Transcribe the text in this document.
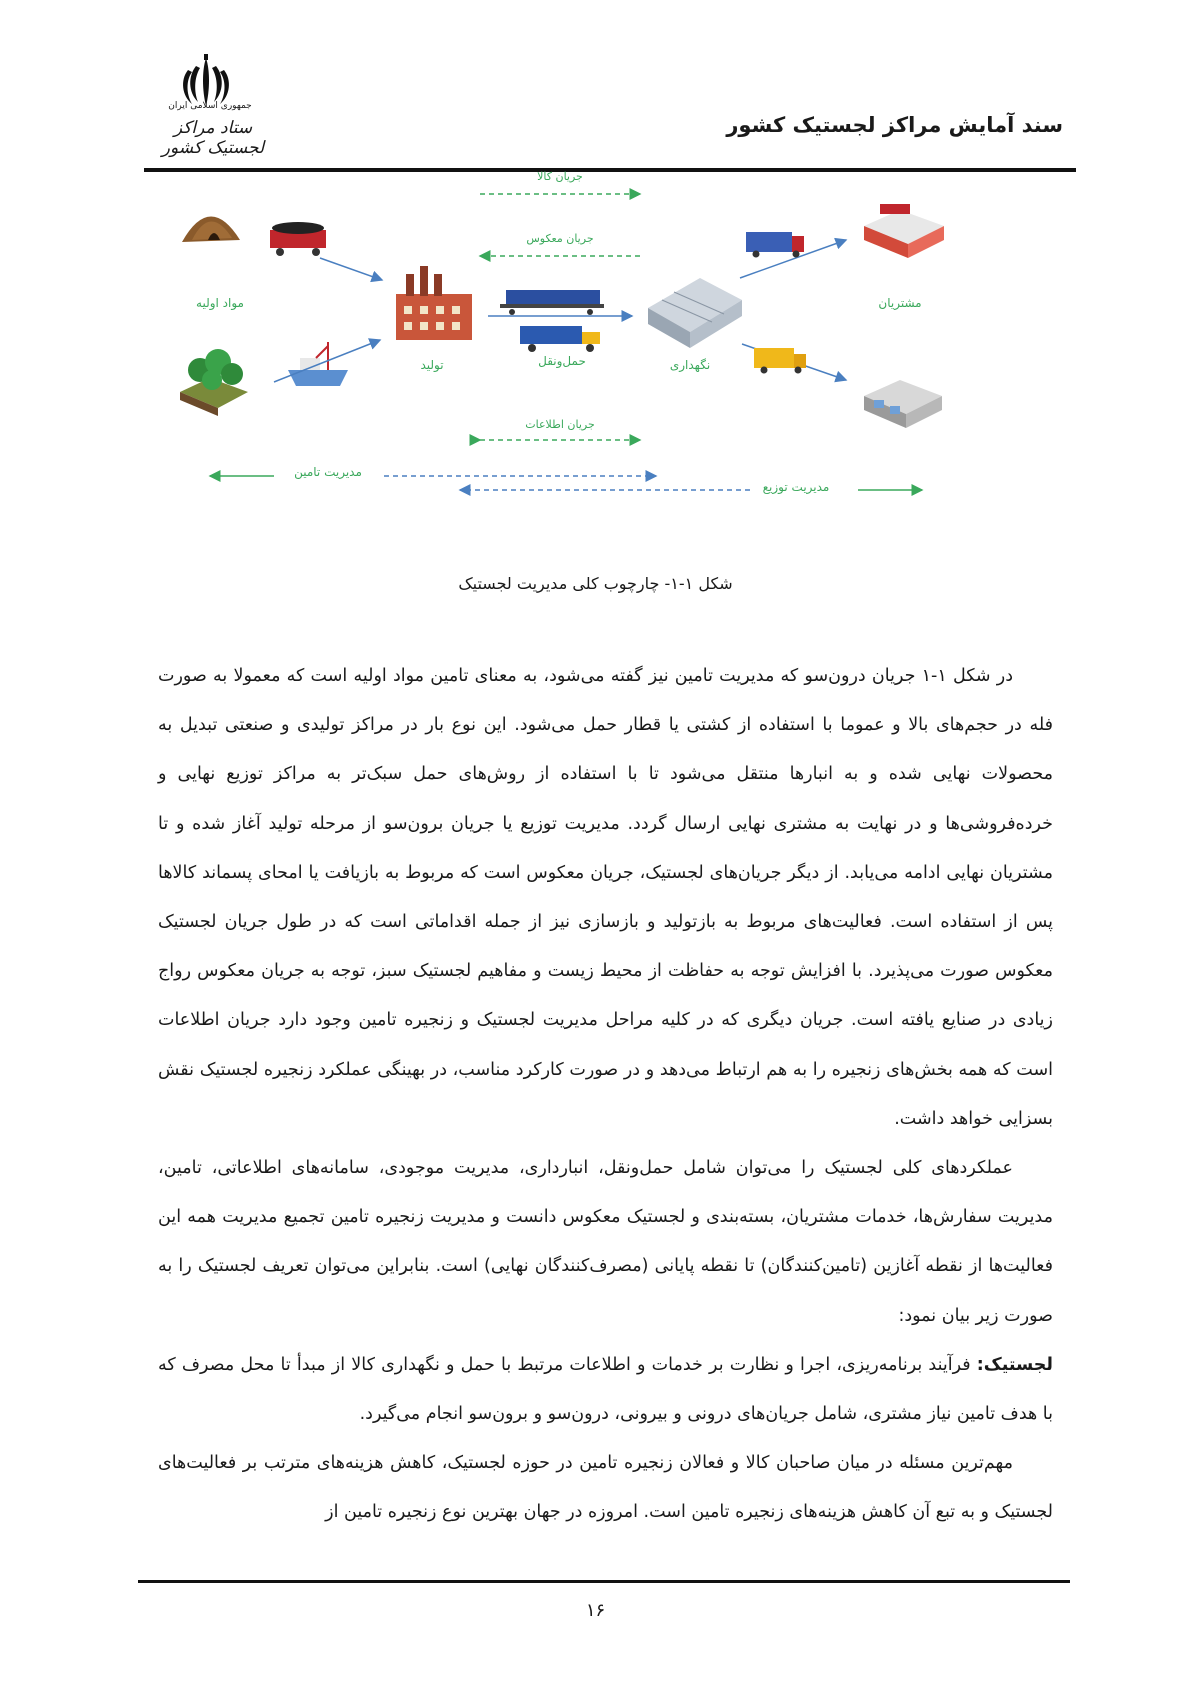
جمهوری اسلامی ایران
ستاد مراکز لجستیک کشور
سند آمایش مراکز لجستیک کشور
جریان کالا
جریان معکوس
مواد اولیه
تولید	حمل‌ونقل	نگهداری
مشتریان
جریان اطلاعات
مدیریت تامین
مدیریت توزیع
شکل ۱-۱- چارچوب کلی مدیریت لجستیک

در شکل ۱-۱ جریان درون‌سو که مدیریت تامین نیز گفته می‌شود، به معنای تامین مواد اولیه است که معمولا به صورت فله در حجم‌های بالا و عموما با استفاده از کشتی یا قطار حمل می‌شود. این نوع بار در مراکز تولیدی و صنعتی تبدیل به محصولات نهایی شده و به انبارها منتقل می‌شود تا با استفاده از روش‌های حمل سبک‌تر به مراکز توزیع نهایی و خرده‌فروشی‌ها و در نهایت به مشتری نهایی ارسال گردد. مدیریت توزیع یا جریان برون‌سو از مرحله تولید آغاز شده و تا مشتریان نهایی ادامه می‌یابد. از دیگر جریان‌های لجستیک، جریان معکوس است که مربوط به بازیافت یا امحای پسماند کالاها پس از استفاده است. فعالیت‌های مربوط به بازتولید و بازسازی نیز از جمله اقداماتی است که در طول جریان لجستیک معکوس صورت می‌پذیرد. با افزایش توجه به حفاظت از محیط زیست و مفاهیم لجستیک سبز، توجه به جریان معکوس رواج زیادی در صنایع یافته است. جریان دیگری که در کلیه مراحل مدیریت لجستیک و زنجیره تامین وجود دارد جریان اطلاعات است که همه بخش‌های زنجیره را به هم ارتباط می‌دهد و در صورت کارکرد مناسب، در بهینگی عملکرد زنجیره لجستیک نقش بسزایی خواهد داشت.

عملکردهای کلی لجستیک را می‌توان شامل حمل‌ونقل، انبارداری، مدیریت موجودی، سامانه‌های اطلاعاتی، تامین، مدیریت سفارش‌ها، خدمات مشتریان، بسته‌بندی و لجستیک معکوس دانست و مدیریت زنجیره تامین تجمیع مدیریت همه این فعالیت‌ها از نقطه آغازین (تامین‌کنندگان) تا نقطه پایانی (مصرف‌کنندگان نهایی) است. بنابراین می‌توان تعریف لجستیک را به صورت زیر بیان نمود:

لجستیک: فرآیند برنامه‌ریزی، اجرا و نظارت بر خدمات و اطلاعات مرتبط با حمل و نگهداری کالا از مبدأ تا محل مصرف که با هدف تامین نیاز مشتری، شامل جریان‌های درونی و بیرونی، درون‌سو و برون‌سو انجام می‌گیرد.

مهم‌ترین مسئله در میان صاحبان کالا و فعالان زنجیره تامین در حوزه لجستیک، کاهش هزینه‌های مترتب بر فعالیت‌های لجستیک و به تبع آن کاهش هزینه‌های زنجیره تامین است. امروزه در جهان بهترین نوع زنجیره تامین از

۱۶
